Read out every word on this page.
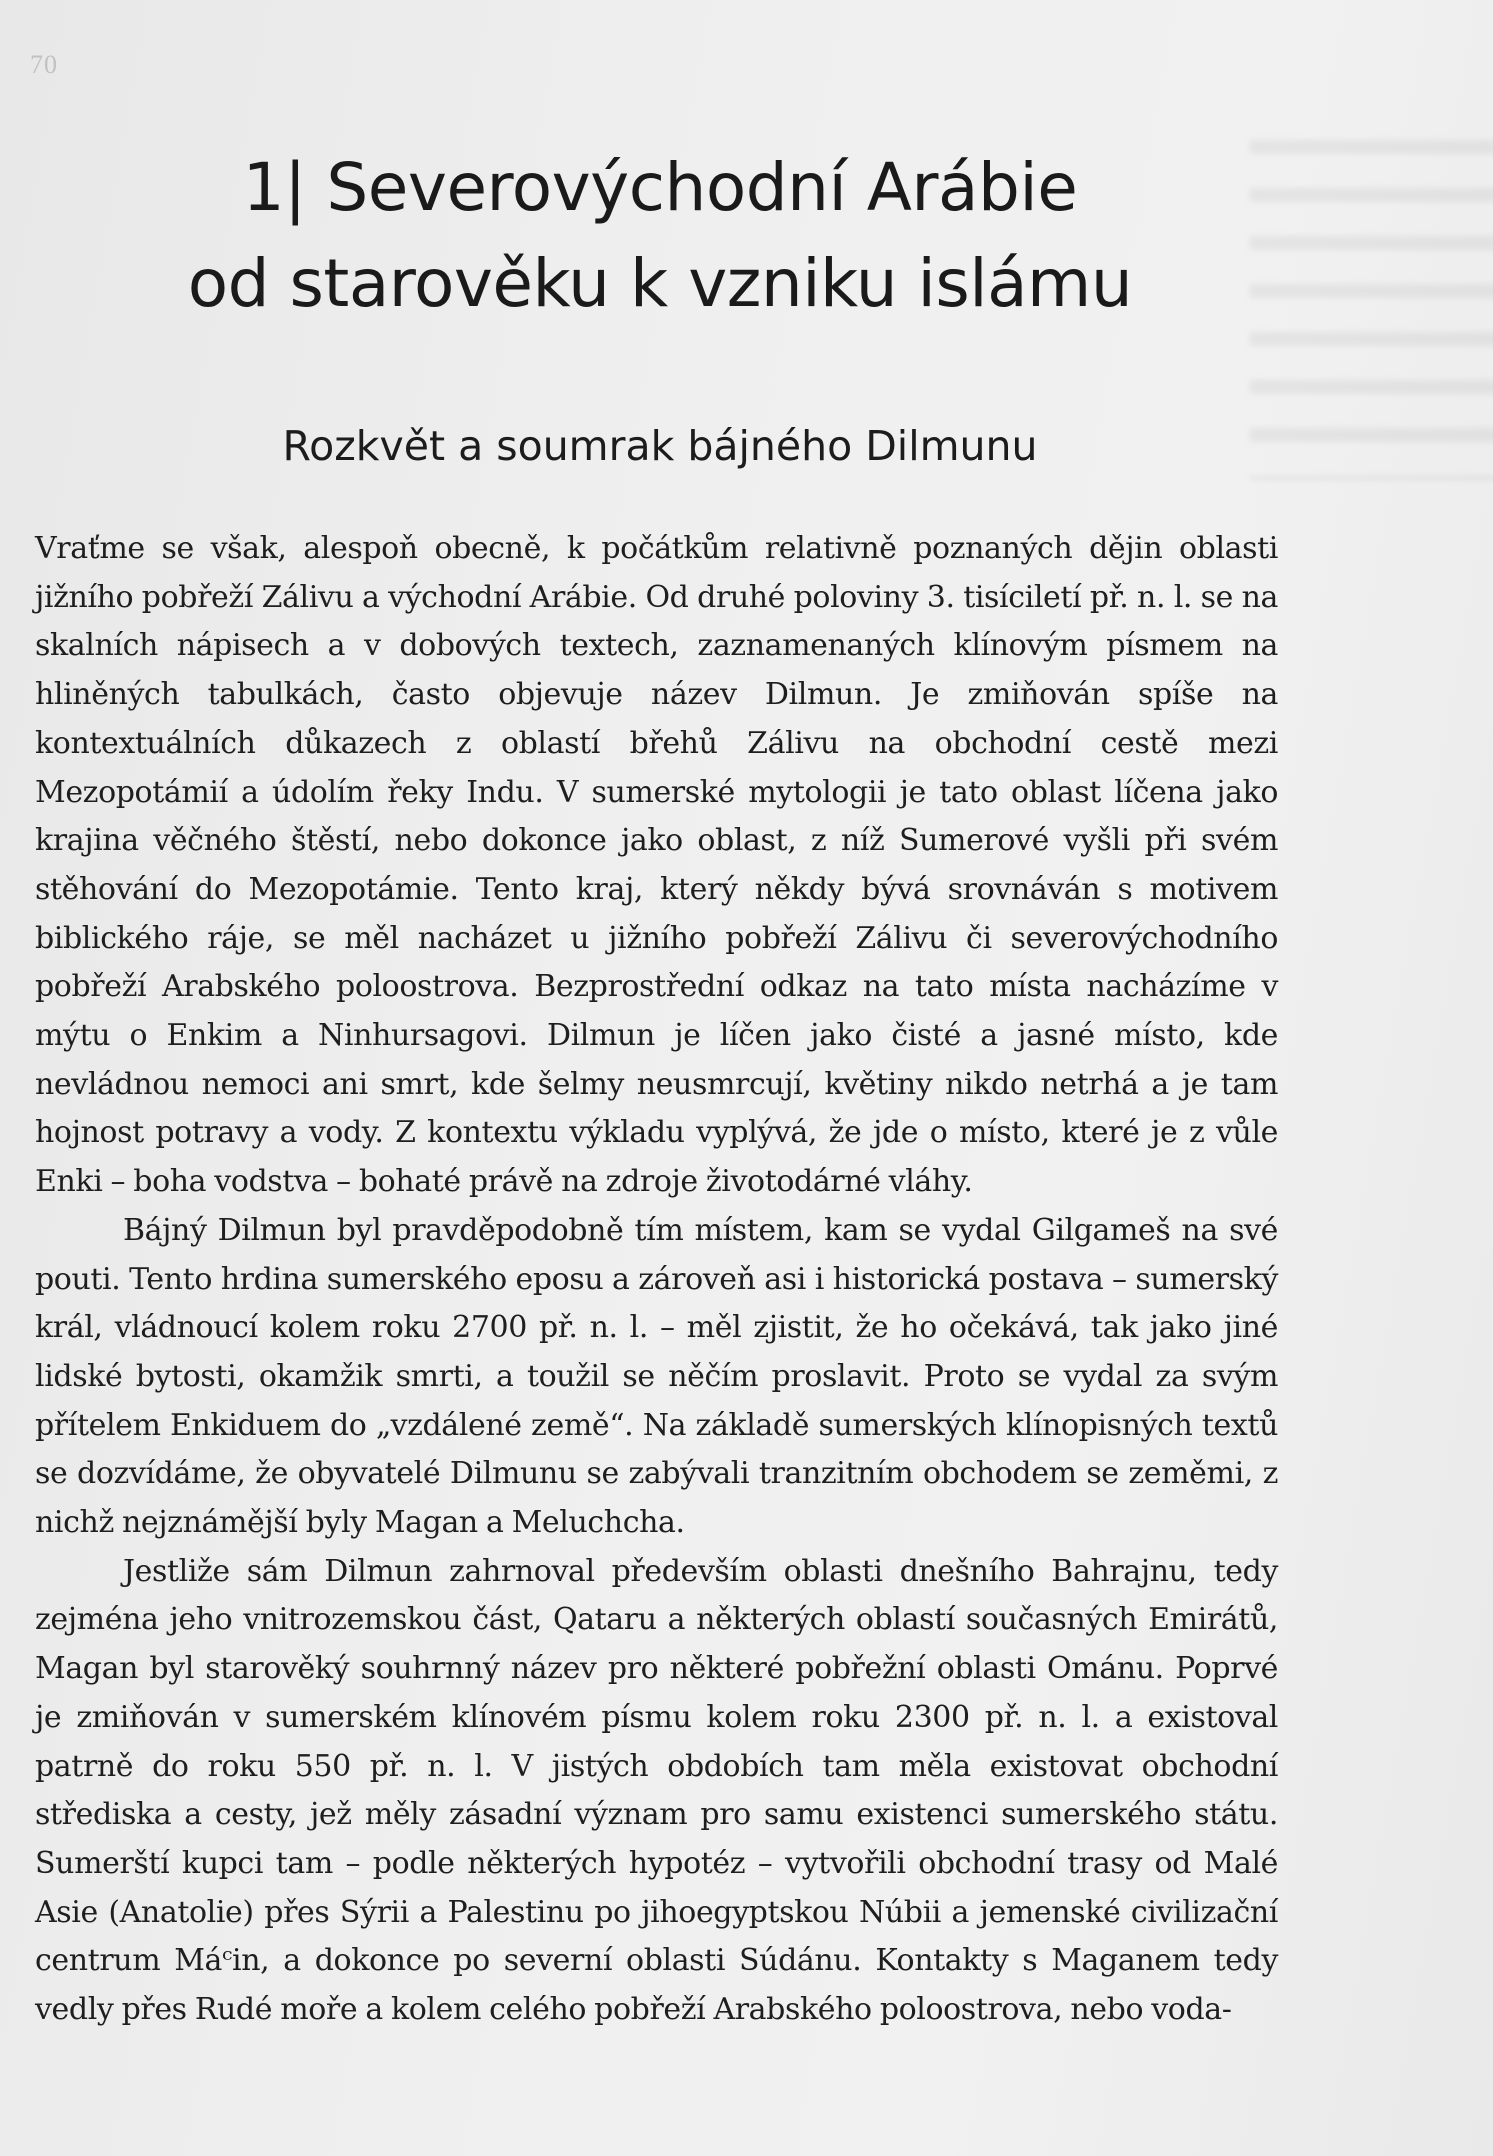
70
1| Severovýchodní Arábie
od starověku k vzniku islámu
Rozkvět a soumrak bájného Dilmunu

Vraťme se však, alespoň obecně, k počátkům relativně poznaných dějin oblasti jižního pobřeží Zálivu a východní Arábie. Od druhé poloviny 3. tisíciletí př. n. l. se na skalních nápisech a v dobových textech, zaznamenaných klínovým písmem na hliněných tabulkách, často objevuje název Dilmun. Je zmiňován spíše na kontextuálních důkazech z oblastí břehů Zálivu na obchodní cestě mezi Mezopotámií a údolím řeky Indu. V sumerské mytologii je tato oblast líčena jako krajina věčného štěstí, nebo dokonce jako oblast, z níž Sumerové vyšli při svém stěhování do Mezopotámie. Tento kraj, který někdy bývá srovnáván s motivem biblického ráje, se měl nacházet u jižního pobřeží Zálivu či severovýchodního pobřeží Arabského poloostrova. Bezprostřední odkaz na tato místa nacházíme v mýtu o Enkim a Ninhursagovi. Dilmun je líčen jako čisté a jasné místo, kde nevládnou nemoci ani smrt, kde šelmy neusmrcují, květiny nikdo netrhá a je tam hojnost potravy a vody. Z kontextu výkladu vyplývá, že jde o místo, které je z vůle Enki – boha vodstva – bohaté právě na zdroje životodárné vláhy.

Bájný Dilmun byl pravděpodobně tím místem, kam se vydal Gilgameš na své pouti. Tento hrdina sumerského eposu a zároveň asi i historická postava – sumerský král, vládnoucí kolem roku 2700 př. n. l. – měl zjistit, že ho očekává, tak jako jiné lidské bytosti, okamžik smrti, a toužil se něčím proslavit. Proto se vydal za svým přítelem Enkiduem do „vzdálené země“. Na základě sumerských klínopisných textů se dozvídáme, že obyvatelé Dilmunu se zabývali tranzitním obchodem se zeměmi, z nichž nejznámější byly Magan a Meluchcha.

Jestliže sám Dilmun zahrnoval především oblasti dnešního Bahrajnu, tedy zejména jeho vnitrozemskou část, Qataru a některých oblastí současných Emirátů, Magan byl starověký souhrnný název pro některé pobřežní oblasti Ománu. Poprvé je zmiňován v sumerském klínovém písmu kolem roku 2300 př. n. l. a existoval patrně do roku 550 př. n. l. V jistých obdobích tam měla existovat obchodní střediska a cesty, jež měly zásadní význam pro samu existenci sumerského státu. Sumerští kupci tam – podle některých hypotéz – vytvořili obchodní trasy od Malé Asie (Anatolie) přes Sýrii a Palestinu po jihoegyptskou Núbii a jemenské civilizační centrum Máᶜin, a dokonce po severní oblasti Súdánu. Kontakty s Maganem tedy vedly přes Rudé moře a kolem celého pobřeží Arabského poloostrova, nebo voda-
